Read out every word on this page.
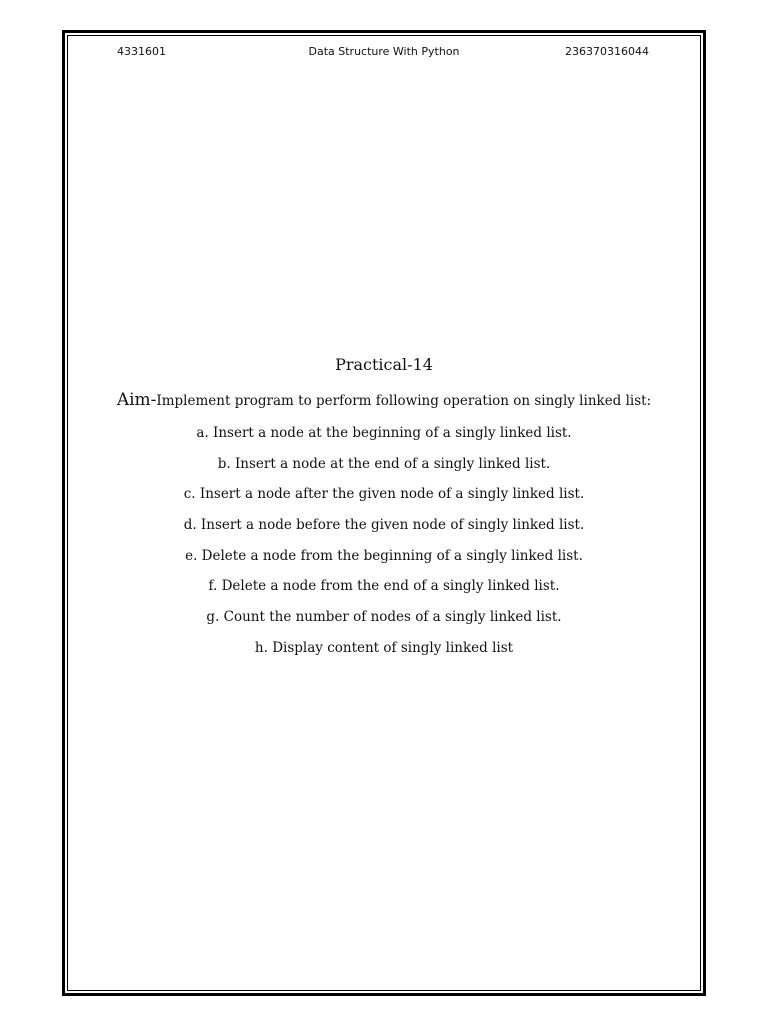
4331601	Data Structure With Python	236370316044
Practical-14
Aim-Implement program to perform following operation on singly linked list:
a. Insert a node at the beginning of a singly linked list.
b. Insert a node at the end of a singly linked list.
c. Insert a node after the given node of a singly linked list.
d. Insert a node before the given node of singly linked list.
e. Delete a node from the beginning of a singly linked list.
f. Delete a node from the end of a singly linked list.
g. Count the number of nodes of a singly linked list.
h. Display content of singly linked list
